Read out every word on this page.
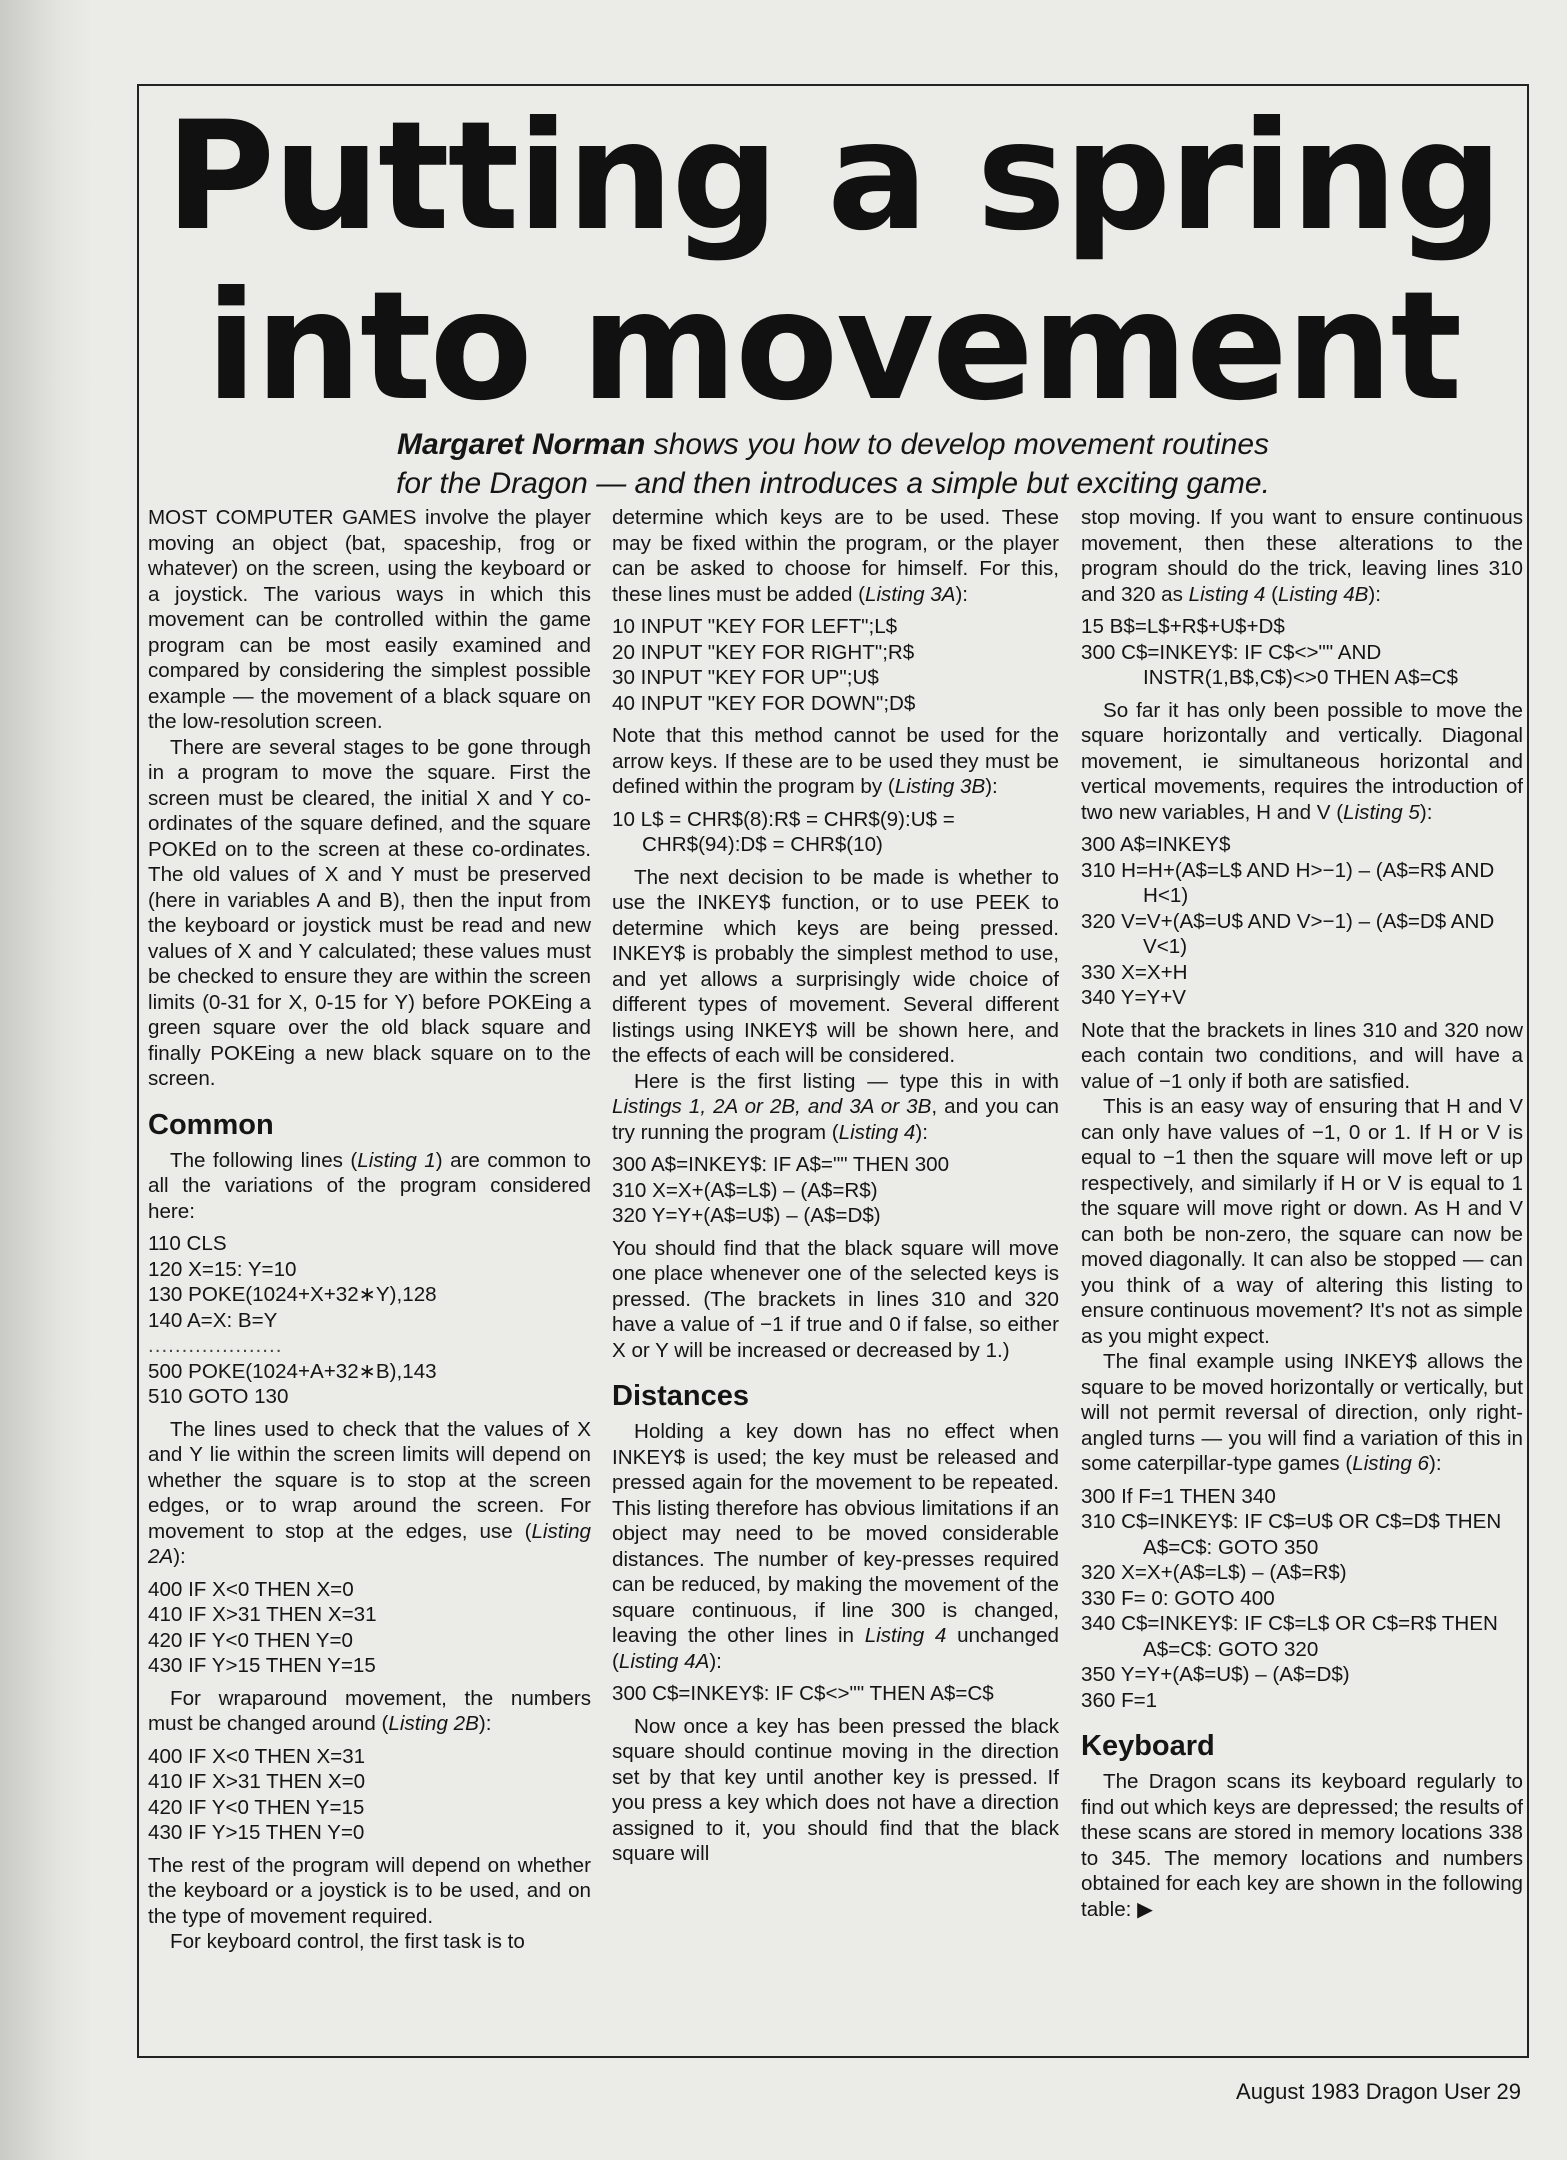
Putting a spring
into movement

Margaret Norman shows you how to develop movement routines
for the Dragon — and then introduces a simple but exciting game.

MOST COMPUTER GAMES involve the player moving an object (bat, spaceship, frog or whatever) on the screen, using the keyboard or a joystick. The various ways in which this movement can be controlled within the game program can be most easily examined and compared by considering the simplest possible example — the movement of a black square on the low-resolution screen.

There are several stages to be gone through in a program to move the square. First the screen must be cleared, the initial X and Y co-ordinates of the square defined, and the square POKEd on to the screen at these co-ordinates. The old values of X and Y must be preserved (here in variables A and B), then the input from the keyboard or joystick must be read and new values of X and Y calculated; these values must be checked to ensure they are within the screen limits (0-31 for X, 0-15 for Y) before POKEing a green square over the old black square and finally POKEing a new black square on to the screen.

Common

The following lines (Listing 1) are common to all the variations of the program considered here:

110 CLS
120 X=15: Y=10
130 POKE(1024+X+32∗Y),128
140 A=X: B=Y
....................
500 POKE(1024+A+32∗B),143
510 GOTO 130

The lines used to check that the values of X and Y lie within the screen limits will depend on whether the square is to stop at the screen edges, or to wrap around the screen. For movement to stop at the edges, use (Listing 2A):

400 IF X<0 THEN X=0
410 IF X>31 THEN X=31
420 IF Y<0 THEN Y=0
430 IF Y>15 THEN Y=15

For wraparound movement, the numbers must be changed around (Listing 2B):

400 IF X<0 THEN X=31
410 IF X>31 THEN X=0
420 IF Y<0 THEN Y=15
430 IF Y>15 THEN Y=0

The rest of the program will depend on whether the keyboard or a joystick is to be used, and on the type of movement required.

For keyboard control, the first task is to

determine which keys are to be used. These may be fixed within the program, or the player can be asked to choose for himself. For this, these lines must be added (Listing 3A):

10 INPUT "KEY FOR LEFT";L$
20 INPUT "KEY FOR RIGHT";R$
30 INPUT "KEY FOR UP";U$
40 INPUT "KEY FOR DOWN";D$

Note that this method cannot be used for the arrow keys. If these are to be used they must be defined within the program by (Listing 3B):

10 L$ = CHR$(8):R$ = CHR$(9):U$ = CHR$(94):D$ = CHR$(10)

The next decision to be made is whether to use the INKEY$ function, or to use PEEK to determine which keys are being pressed. INKEY$ is probably the simplest method to use, and yet allows a surprisingly wide choice of different types of movement. Several different listings using INKEY$ will be shown here, and the effects of each will be considered.

Here is the first listing — type this in with Listings 1, 2A or 2B, and 3A or 3B, and you can try running the program (Listing 4):

300 A$=INKEY$: IF A$="" THEN 300
310 X=X+(A$=L$) – (A$=R$)
320 Y=Y+(A$=U$) – (A$=D$)

You should find that the black square will move one place whenever one of the selected keys is pressed. (The brackets in lines 310 and 320 have a value of −1 if true and 0 if false, so either X or Y will be increased or decreased by 1.)

Distances

Holding a key down has no effect when INKEY$ is used; the key must be released and pressed again for the movement to be repeated. This listing therefore has obvious limitations if an object may need to be moved considerable distances. The number of key-presses required can be reduced, by making the movement of the square continuous, if line 300 is changed, leaving the other lines in Listing 4 unchanged (Listing 4A):

300 C$=INKEY$: IF C$<>"" THEN A$=C$

Now once a key has been pressed the black square should continue moving in the direction set by that key until another key is pressed. If you press a key which does not have a direction assigned to it, you should find that the black square will

stop moving. If you want to ensure continuous movement, then these alterations to the program should do the trick, leaving lines 310 and 320 as Listing 4 (Listing 4B):

15 B$=L$+R$+U$+D$
300 C$=INKEY$: IF C$<>"" AND INSTR(1,B$,C$)<>0 THEN A$=C$

So far it has only been possible to move the square horizontally and vertically. Diagonal movement, ie simultaneous horizontal and vertical movements, requires the introduction of two new variables, H and V (Listing 5):

300 A$=INKEY$
310 H=H+(A$=L$ AND H>−1) – (A$=R$ AND H<1)
320 V=V+(A$=U$ AND V>−1) – (A$=D$ AND V<1)
330 X=X+H
340 Y=Y+V

Note that the brackets in lines 310 and 320 now each contain two conditions, and will have a value of −1 only if both are satisfied.

This is an easy way of ensuring that H and V can only have values of −1, 0 or 1. If H or V is equal to −1 then the square will move left or up respectively, and similarly if H or V is equal to 1 the square will move right or down. As H and V can both be non-zero, the square can now be moved diagonally. It can also be stopped — can you think of a way of altering this listing to ensure continuous movement? It's not as simple as you might expect.

The final example using INKEY$ allows the square to be moved horizontally or vertically, but will not permit reversal of direction, only right-angled turns — you will find a variation of this in some caterpillar-type games (Listing 6):

300 If F=1 THEN 340
310 C$=INKEY$: IF C$=U$ OR C$=D$ THEN A$=C$: GOTO 350
320 X=X+(A$=L$) – (A$=R$)
330 F= 0: GOTO 400
340 C$=INKEY$: IF C$=L$ OR C$=R$ THEN A$=C$: GOTO 320
350 Y=Y+(A$=U$) – (A$=D$)
360 F=1
Keyboard

The Dragon scans its keyboard regularly to find out which keys are depressed; the results of these scans are stored in memory locations 338 to 345. The memory locations and numbers obtained for each key are shown in the following table: ▶

August 1983 Dragon User 29
